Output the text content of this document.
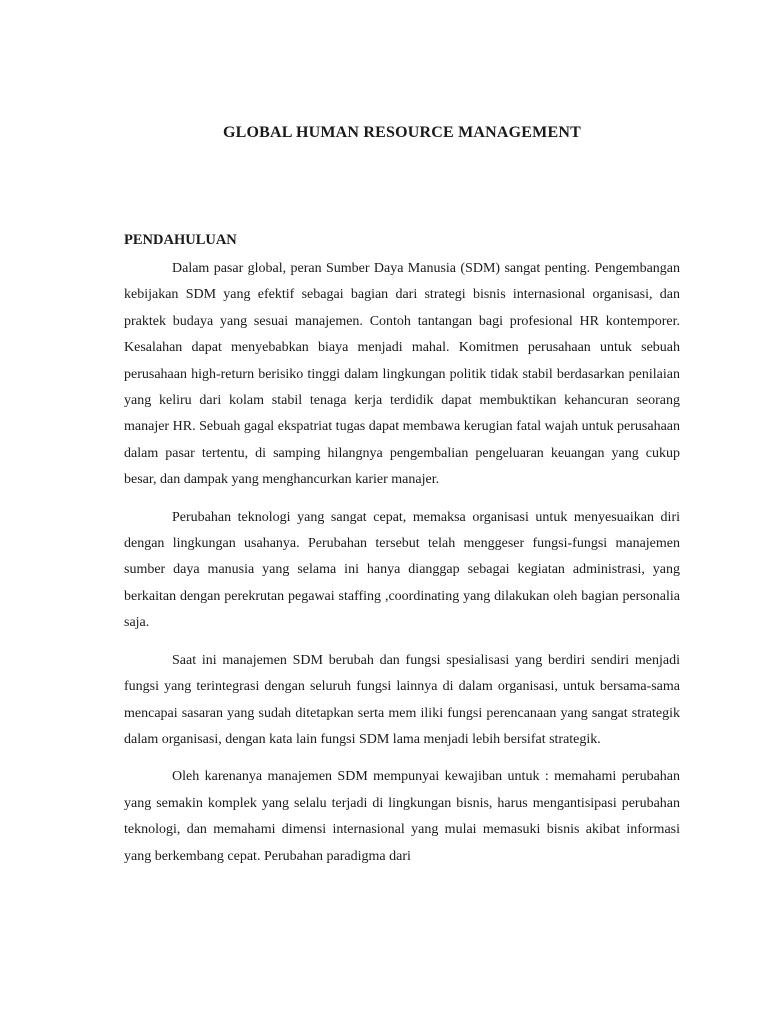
GLOBAL HUMAN RESOURCE MANAGEMENT
PENDAHULUAN

Dalam pasar global, peran Sumber Daya Manusia (SDM) sangat penting. Pengembangan kebijakan SDM yang efektif sebagai bagian dari strategi bisnis internasional organisasi, dan praktek budaya yang sesuai manajemen. Contoh tantangan bagi profesional HR kontemporer. Kesalahan dapat menyebabkan biaya menjadi mahal. Komitmen perusahaan untuk sebuah perusahaan high-return berisiko tinggi dalam lingkungan politik tidak stabil berdasarkan penilaian yang keliru dari kolam stabil tenaga kerja terdidik dapat membuktikan kehancuran seorang manajer HR. Sebuah gagal ekspatriat tugas dapat membawa kerugian fatal wajah untuk perusahaan dalam pasar tertentu, di samping hilangnya pengembalian pengeluaran keuangan yang cukup besar, dan dampak yang menghancurkan karier manajer.

Perubahan teknologi yang sangat cepat, memaksa organisasi untuk menyesuaikan diri dengan lingkungan usahanya. Perubahan tersebut telah menggeser fungsi-fungsi manajemen sumber daya manusia yang selama ini hanya dianggap sebagai kegiatan administrasi, yang berkaitan dengan perekrutan pegawai staffing ,coordinating yang dilakukan oleh bagian personalia saja.

Saat ini manajemen SDM berubah dan fungsi spesialisasi yang berdiri sendiri menjadi fungsi yang terintegrasi dengan seluruh fungsi lainnya di dalam organisasi, untuk bersama-sama mencapai sasaran yang sudah ditetapkan serta mem iliki fungsi perencanaan yang sangat strategik dalam organisasi, dengan kata lain fungsi SDM lama menjadi lebih bersifat strategik.

Oleh karenanya manajemen SDM mempunyai kewajiban untuk : memahami perubahan yang semakin komplek yang selalu terjadi di lingkungan bisnis, harus mengantisipasi perubahan teknologi, dan memahami dimensi internasional yang mulai memasuki bisnis akibat informasi yang berkembang cepat. Perubahan paradigma dari
